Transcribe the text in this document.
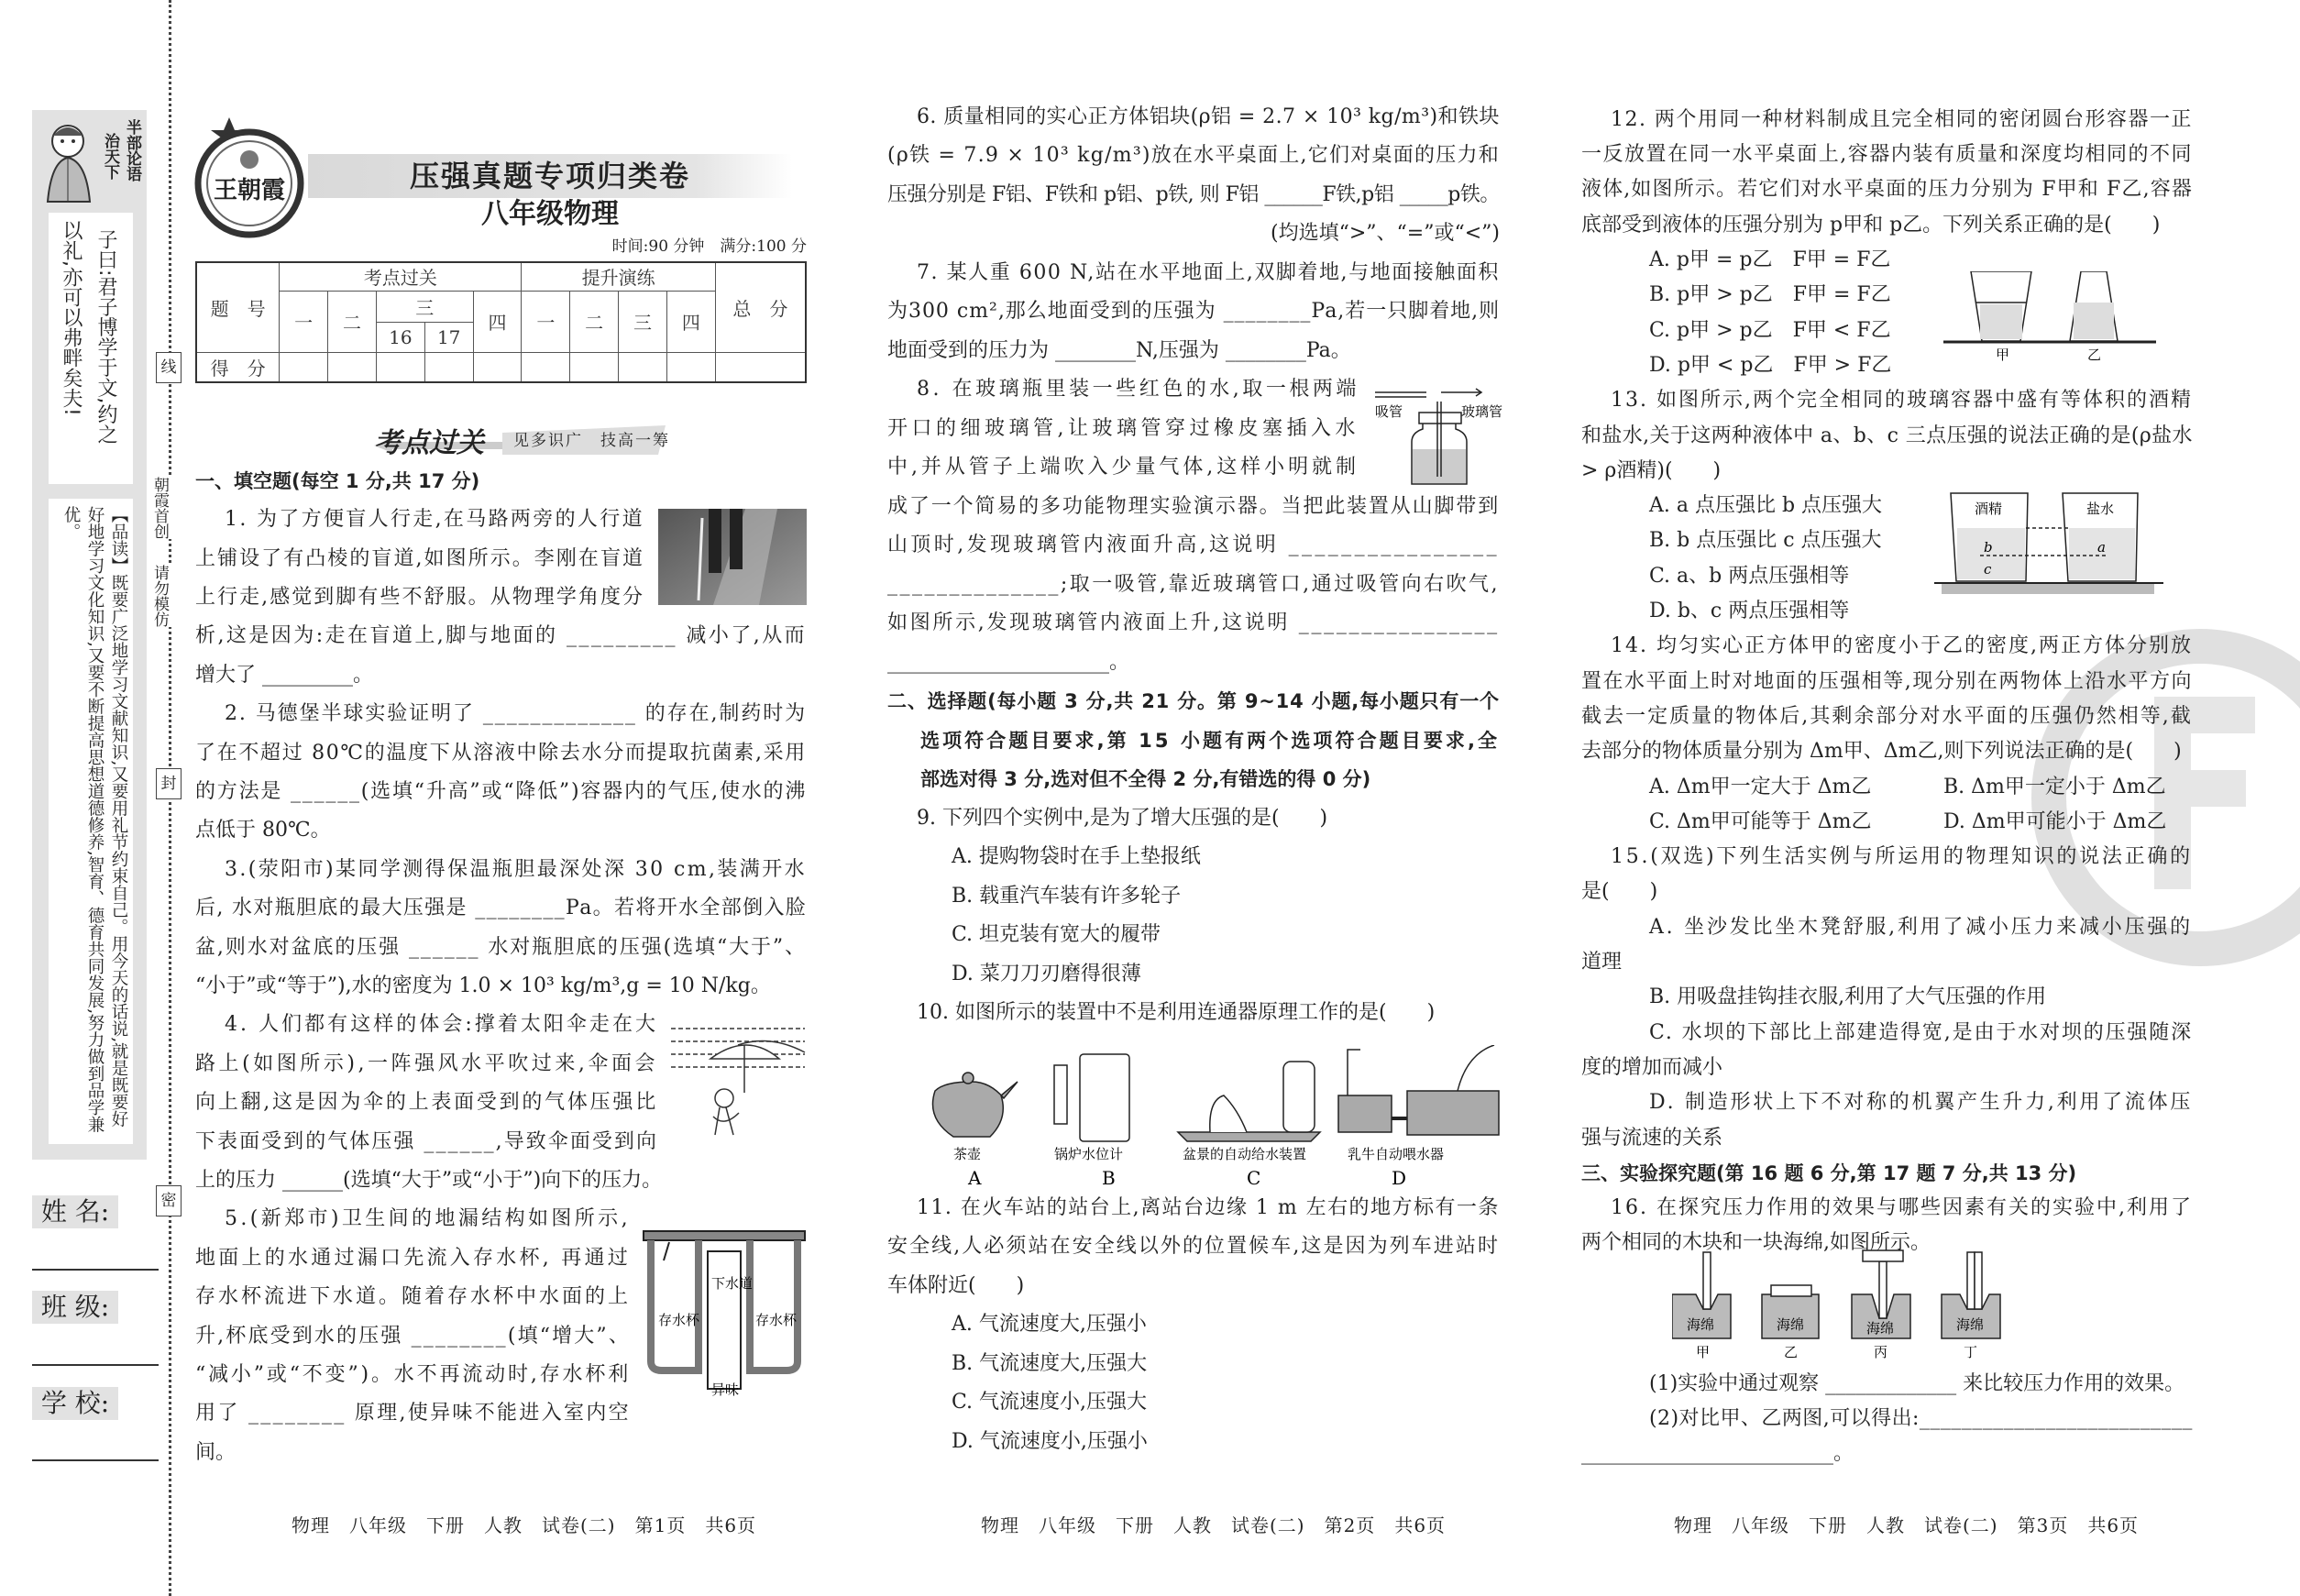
半部论语
治天下
子曰:君子博学于文,约之
以礼,亦可以弗畔矣夫!
【品读】既要广泛地学习文献知识,又要用礼节约束自己。用今天的话说,就是既要好好地学习文化知识,又要不断提高思想道德修养,智育、德育共同发展,努力做到品学兼优。
线
封
密
朝霞首创
请勿模仿
姓 名:
班 级:
学 校:
王朝霞	压强真题专项归类卷
八年级物理
时间:90 分钟　满分:100 分
题　号	考点过关					提升演练				总　分
	一	二	三		四	一	二	三	四	
			16	17						
得　分										
考点过关 见多识广　技高一筹
一、填空题(每空 1 分,共 17 分)
1. 为了方便盲人行走,在马路两旁的人行道
上铺设了有凸棱的盲道,如图所示。李刚在盲道
上行走,感觉到脚有些不舒服。从物理学角度分
析,这是因为:走在盲道上,脚与地面的 _________ 减小了,从而
增大了 _________。
2. 马德堡半球实验证明了 _____________ 的存在,制药时为
了在不超过 80℃的温度下从溶液中除去水分而提取抗菌素,采用
的方法是 ______(选填“升高”或“降低”)容器内的气压,使水的沸
点低于 80℃。
3.(荥阳市)某同学测得保温瓶胆最深处深 30 cm,装满开水
后, 水对瓶胆底的最大压强是 ________Pa。若将开水全部倒入脸
盆,则水对盆底的压强 ______ 水对瓶胆底的压强(选填“大于”、
“小于”或“等于”),水的密度为 1.0 × 10³ kg/m³,g = 10 N/kg。
4. 人们都有这样的体会:撑着太阳伞走在大
路上(如图所示),一阵强风水平吹过来,伞面会
向上翻,这是因为伞的上表面受到的气体压强比
下表面受到的气体压强 ______,导致伞面受到向
上的压力 ______(选填“大于”或“小于”)向下的压力。
5.(新郑市)卫生间的地漏结构如图所示,
地面上的水通过漏口先流入存水杯, 再通过
存水杯流进下水道。随着存水杯中水面的上
升,杯底受到水的压强 ________(填“增大”、
“减小”或“不变”)。水不再流动时,存水杯利
用了 ________ 原理,使异味不能进入室内空
间。
6. 质量相同的实心正方体铝块(ρ铝 = 2.7 × 10³ kg/m³)和铁块
(ρ铁 = 7.9 × 10³ kg/m³)放在水平桌面上,它们对桌面的压力和
压强分别是 F铝、F铁和 p铝、p铁, 则 F铝 ______F铁,p铝 _____p铁。
(均选填“>”、“=”或“<”)
7. 某人重 600 N,站在水平地面上,双脚着地,与地面接触面积
为300 cm²,那么地面受到的压强为 ________Pa,若一只脚着地,则
地面受到的压力为 ________N,压强为 ________Pa。
8. 在玻璃瓶里装一些红色的水,取一根两端
开口的细玻璃管,让玻璃管穿过橡皮塞插入水
中,并从管子上端吹入少量气体,这样小明就制
成了一个简易的多功能物理实验演示器。当把此装置从山脚带到
山顶时,发现玻璃管内液面升高,这说明 ________________
______________;取一吸管,靠近玻璃管口,通过吸管向右吹气,
如图所示,发现玻璃管内液面上升,这说明 ________________
______________________。
二、选择题(每小题 3 分,共 21 分。第 9~14 小题,每小题只有一个
选项符合题目要求,第 15 小题有两个选项符合题目要求,全
部选对得 3 分,选对但不全得 2 分,有错选的得 0 分)
9. 下列四个实例中,是为了增大压强的是(　　)
A. 提购物袋时在手上垫报纸
B. 载重汽车装有许多轮子
C. 坦克装有宽大的履带
D. 菜刀刀刃磨得很薄
10. 如图所示的装置中不是利用连通器原理工作的是(　　)
11. 在火车站的站台上,离站台边缘 1 m 左右的地方标有一条
安全线,人必须站在安全线以外的位置候车,这是因为列车进站时
车体附近(　　)
A. 气流速度大,压强小
B. 气流速度大,压强大
C. 气流速度小,压强大
D. 气流速度小,压强小
12. 两个用同一种材料制成且完全相同的密闭圆台形容器一正
一反放置在同一水平桌面上,容器内装有质量和深度均相同的不同
液体,如图所示。若它们对水平桌面的压力分别为 F甲和 F乙,容器
底部受到液体的压强分别为 p甲和 p乙。下列关系正确的是(　　)
A. p甲 = p乙　F甲 = F乙
B. p甲 > p乙　F甲 = F乙
C. p甲 > p乙　F甲 < F乙
D. p甲 < p乙　F甲 > F乙
13. 如图所示,两个完全相同的玻璃容器中盛有等体积的酒精
和盐水,关于这两种液体中 a、b、c 三点压强的说法正确的是(ρ盐水
> ρ酒精)(　　)
A. a 点压强比 b 点压强大
B. b 点压强比 c 点压强大
C. a、b 两点压强相等
D. b、c 两点压强相等
14. 均匀实心正方体甲的密度小于乙的密度,两正方体分别放
置在水平面上时对地面的压强相等,现分别在两物体上沿水平方向
截去一定质量的物体后,其剩余部分对水平面的压强仍然相等,截
去部分的物体质量分别为 Δm甲、Δm乙,则下列说法正确的是(　　)
A. Δm甲一定大于 Δm乙	B. Δm甲一定小于 Δm乙
C. Δm甲可能等于 Δm乙	D. Δm甲可能小于 Δm乙
15.(双选)下列生活实例与所运用的物理知识的说法正确的
是(　　)
A. 坐沙发比坐木凳舒服,利用了减小压力来减小压强的
道理
B. 用吸盘挂钩挂衣服,利用了大气压强的作用
C. 水坝的下部比上部建造得宽,是由于水对坝的压强随深
度的增加而减小
D. 制造形状上下不对称的机翼产生升力,利用了流体压
强与流速的关系
三、实验探究题(第 16 题 6 分,第 17 题 7 分,共 13 分)
16. 在探究压力作用的效果与哪些因素有关的实验中,利用了
两个相同的木块和一块海绵,如图所示。
(1)实验中通过观察 _____________ 来比较压力作用的效果。
(2)对比甲、乙两图,可以得出:__________________________
_________________________。
物理　八年级　下册　人教　试卷(二)　第1页　共6页	物理　八年级　下册　人教　试卷(二)　第2页　共6页	物理　八年级　下册　人教　试卷(二)　第3页　共6页
存水杯
下水道
存水杯
异味
吸管	玻璃管
茶壶	锅炉水位计	盆景的自动给水装置	乳牛自动喂水器
A	B	C	D
甲	乙
酒精	盐水
b	a
c
海绵	海绵	海绵	海绵
甲	乙	丙	丁
